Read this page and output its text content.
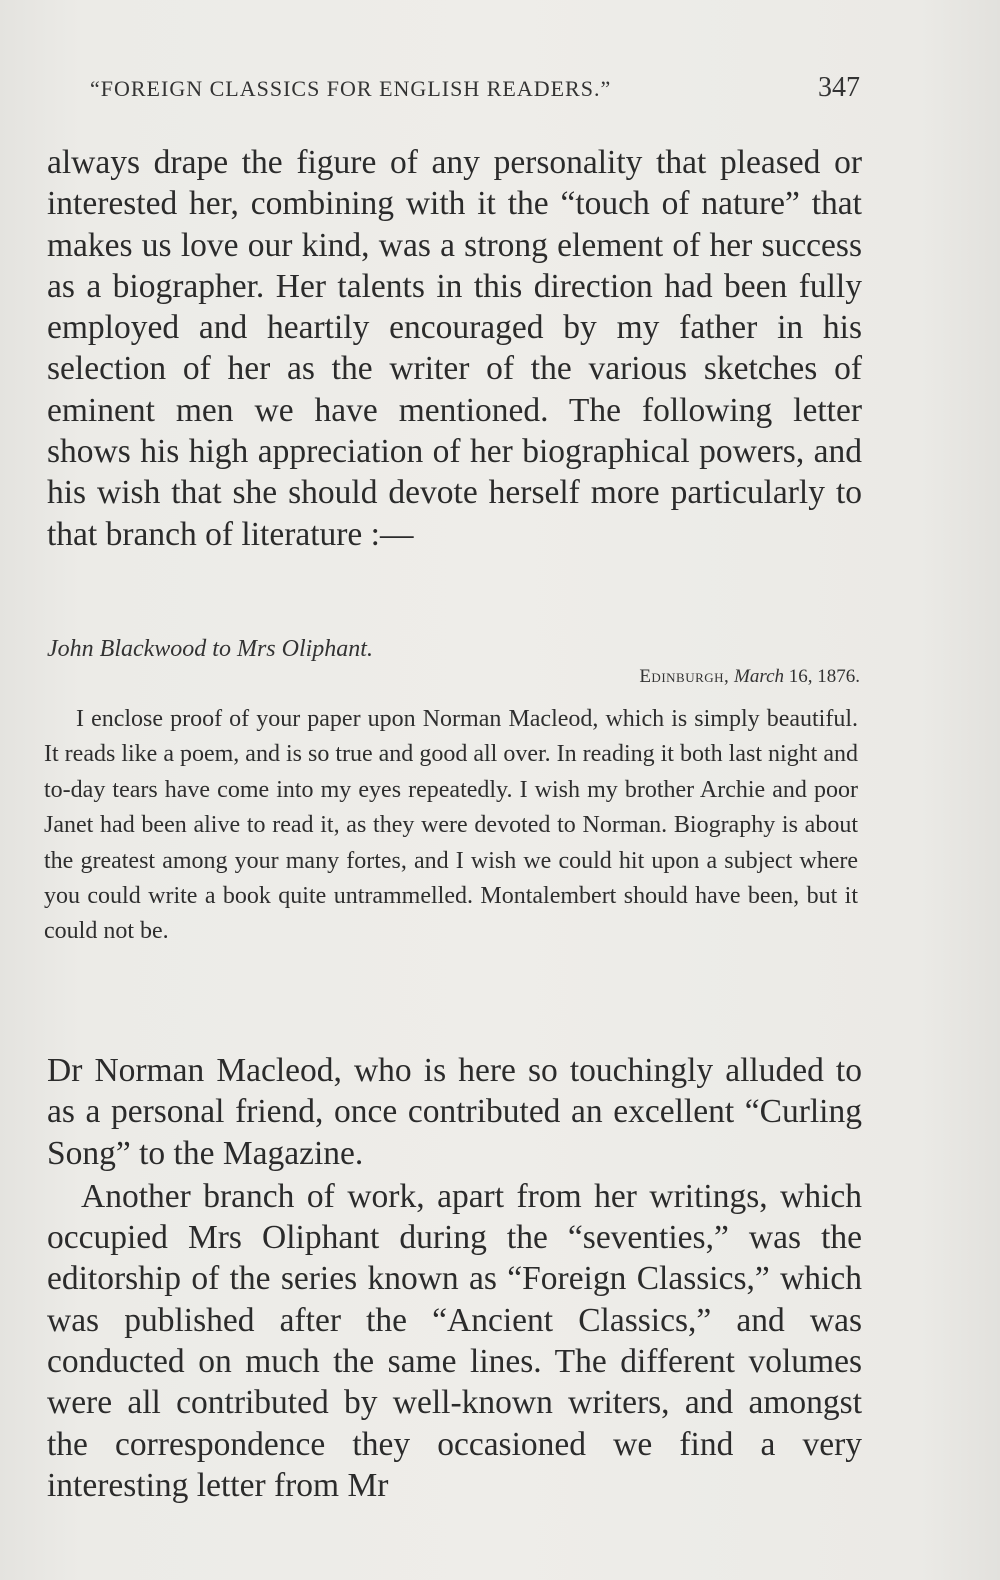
“FOREIGN CLASSICS FOR ENGLISH READERS.”	347

always drape the figure of any personality that pleased or interested her, combining with it the “touch of nature” that makes us love our kind, was a strong element of her success as a biographer. Her talents in this direction had been fully employed and heartily encouraged by my father in his selection of her as the writer of the various sketches of eminent men we have mentioned. The following letter shows his high appreciation of her biographical powers, and his wish that she should devote herself more particularly to that branch of literature :—

John Blackwood to Mrs Oliphant.
Edinburgh, March 16, 1876.

I enclose proof of your paper upon Norman Macleod, which is simply beautiful. It reads like a poem, and is so true and good all over. In reading it both last night and to-day tears have come into my eyes repeatedly. I wish my brother Archie and poor Janet had been alive to read it, as they were devoted to Norman. Biography is about the greatest among your many fortes, and I wish we could hit upon a subject where you could write a book quite untrammelled. Montalembert should have been, but it could not be.

Dr Norman Macleod, who is here so touchingly alluded to as a personal friend, once contributed an excellent “Curling Song” to the Magazine.

Another branch of work, apart from her writings, which occupied Mrs Oliphant during the “seventies,” was the editorship of the series known as “Foreign Classics,” which was published after the “Ancient Classics,” and was conducted on much the same lines. The different volumes were all contributed by well-known writers, and amongst the correspondence they occasioned we find a very interesting letter from Mr
